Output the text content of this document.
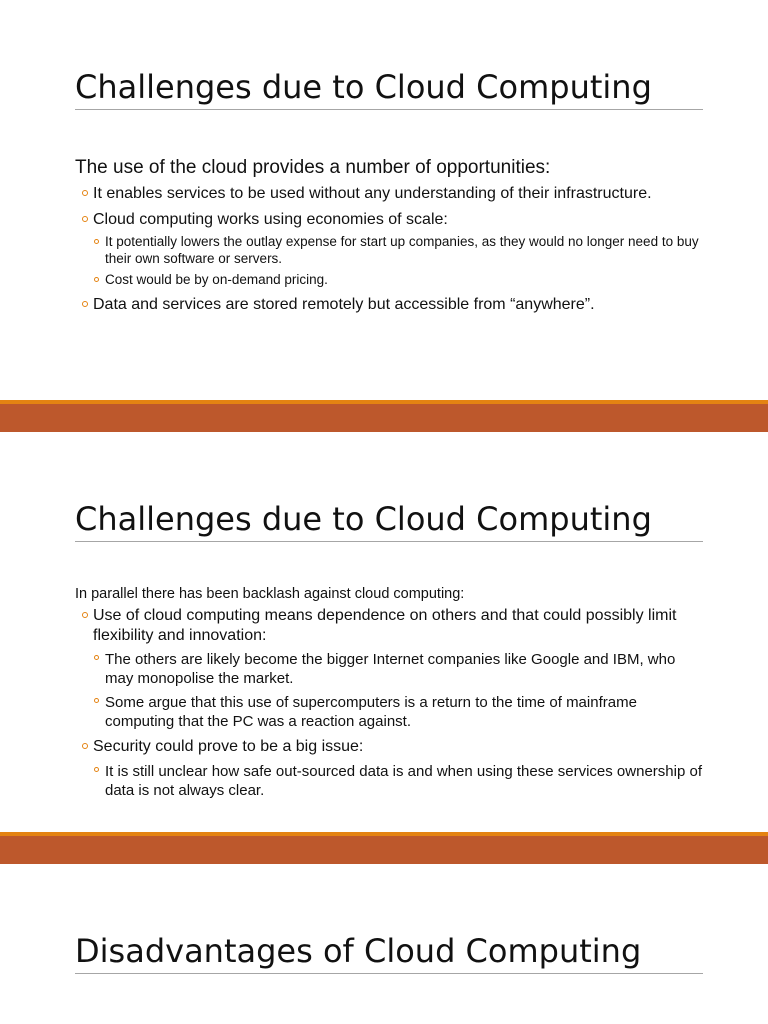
Challenges due to Cloud Computing

The use of the cloud provides a number of opportunities:

It enables services to be used without any understanding of their infrastructure.
Cloud computing works using economies of scale:
It potentially lowers the outlay expense for start up companies, as they would no longer need to buy their own software or servers.
Cost would be by on-demand pricing.
Data and services are stored remotely but accessible from “anywhere”.
Challenges due to Cloud Computing

In parallel there has been backlash against cloud computing:

Use of cloud computing means dependence on others and that could possibly limit flexibility and innovation:
The others are likely become the bigger Internet companies like Google and IBM, who may monopolise the market.
Some argue that this use of supercomputers is a return to the time of mainframe computing that the PC was a reaction against.
Security could prove to be a big issue:
It is still unclear how safe out-sourced data is and when using these services ownership of data is not always clear.
Disadvantages of Cloud Computing
